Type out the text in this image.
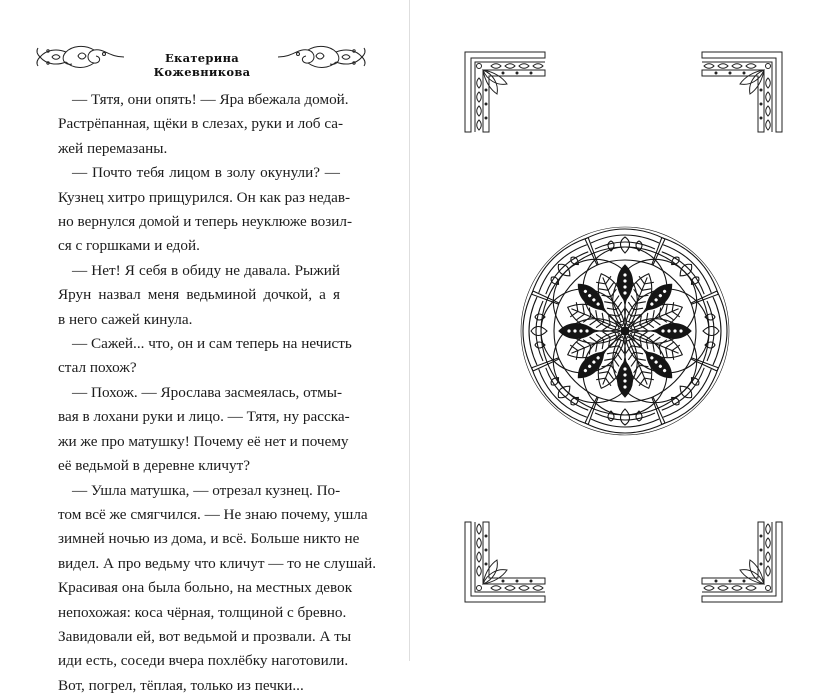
Екатерина Кожевникова
— Тятя, они опять! — Яра вбежала домой.
Растрёпанная, щёки в слезах, руки и лоб са-
жей перемазаны.
— Почто тебя лицом в золу окунули? —
Кузнец хитро прищурился. Он как раз недав-
но вернулся домой и теперь неуклюже возил-
ся с горшками и едой.
— Нет! Я себя в обиду не давала. Рыжий
Ярун назвал меня ведьминой дочкой, а я
в него сажей кинула.
— Сажей... что, он и сам теперь на нечисть
стал похож?
— Похож. — Ярослава засмеялась, отмы-
вая в лохани руки и лицо. — Тятя, ну расска-
жи же про матушку! Почему её нет и почему
её ведьмой в деревне кличут?
— Ушла матушка, — отрезал кузнец. По-
том всё же смягчился. — Не знаю почему, ушла
зимней ночью из дома, и всё. Больше никто не
видел. А про ведьму что кличут — то не слушай.
Красивая она была больно, на местных девок
непохожая: коса чёрная, толщиной с бревно.
Завидовали ей, вот ведьмой и прозвали. А ты
иди есть, соседи вчера похлёбку наготовили.
Вот, погрел, тёплая, только из печки...
